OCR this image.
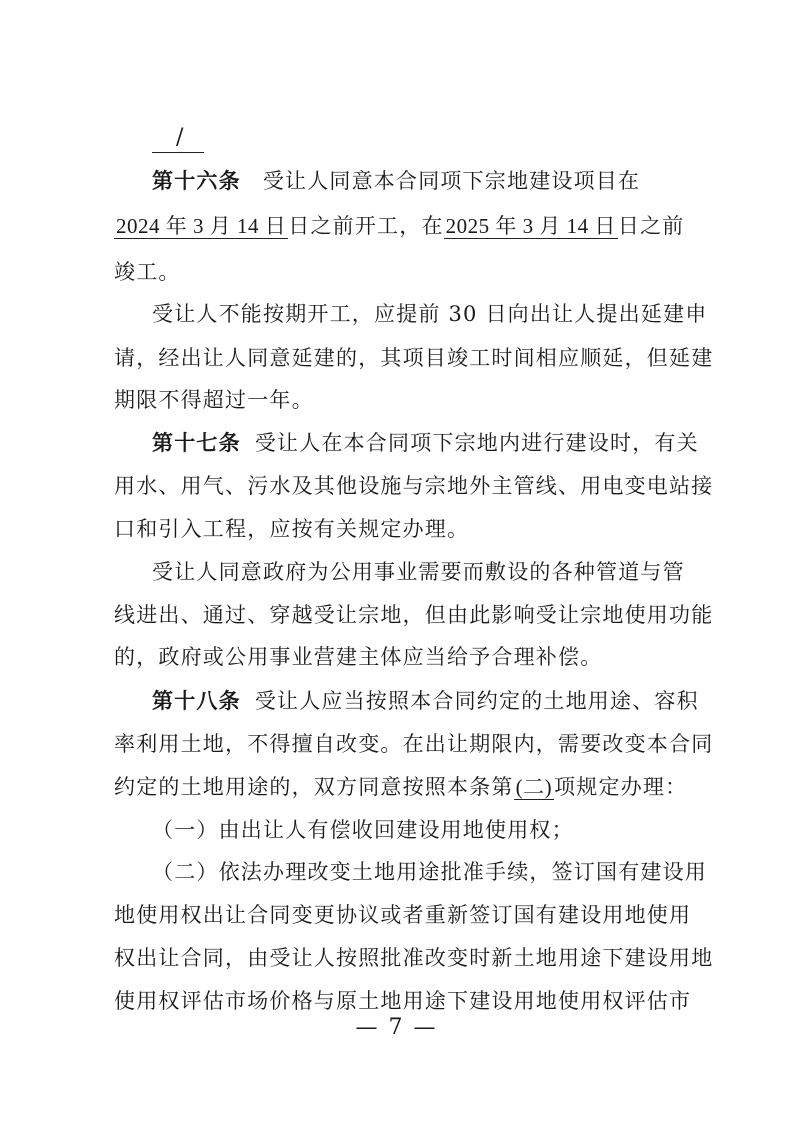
/
第十六条 受让人同意本合同项下宗地建设项目在
2024 年 3 月 14 日日之前开工，在2025 年 3 月 14 日日之前
竣工。
受让人不能按期开工，应提前 30 日向出让人提出延建申
请，经出让人同意延建的，其项目竣工时间相应顺延，但延建
期限不得超过一年。
第十七条 受让人在本合同项下宗地内进行建设时，有关
用水、用气、污水及其他设施与宗地外主管线、用电变电站接
口和引入工程，应按有关规定办理。
受让人同意政府为公用事业需要而敷设的各种管道与管
线进出、通过、穿越受让宗地，但由此影响受让宗地使用功能
的，政府或公用事业营建主体应当给予合理补偿。
第十八条 受让人应当按照本合同约定的土地用途、容积
率利用土地，不得擅自改变。在出让期限内，需要改变本合同
约定的土地用途的，双方同意按照本条第(二)项规定办理：
（一）由出让人有偿收回建设用地使用权；
（二）依法办理改变土地用途批准手续，签订国有建设用
地使用权出让合同变更协议或者重新签订国有建设用地使用
权出让合同，由受让人按照批准改变时新土地用途下建设用地
使用权评估市场价格与原土地用途下建设用地使用权评估市
— 7 —
